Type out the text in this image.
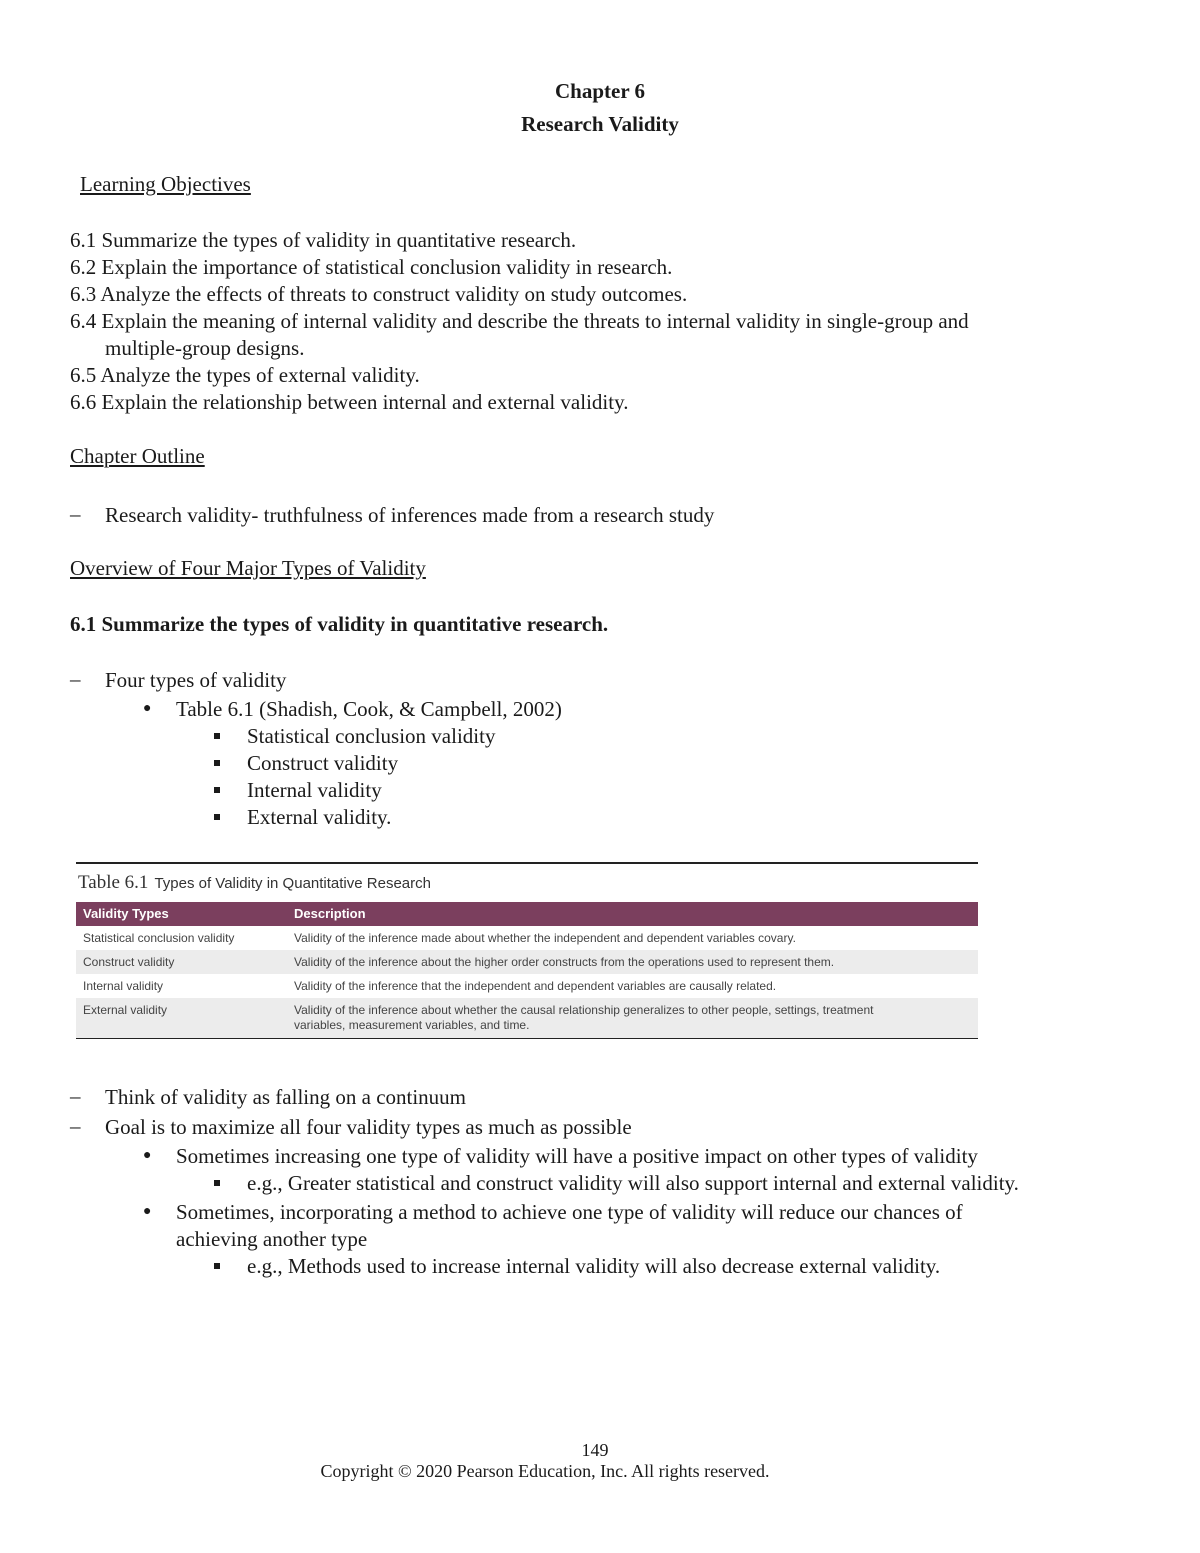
Chapter 6
Research Validity
Learning Objectives
6.1 Summarize the types of validity in quantitative research.
6.2 Explain the importance of statistical conclusion validity in research.
6.3 Analyze the effects of threats to construct validity on study outcomes.
6.4 Explain the meaning of internal validity and describe the threats to internal validity in single-group and
multiple-group designs.
6.5 Analyze the types of external validity.
6.6 Explain the relationship between internal and external validity.
Chapter Outline
– Research validity- truthfulness of inferences made from a research study
Overview of Four Major Types of Validity
6.1 Summarize the types of validity in quantitative research.
– Four types of validity
● Table 6.1 (Shadish, Cook, & Campbell, 2002)
Statistical conclusion validity
Construct validity
Internal validity
External validity.
Table 6.1 Types of Validity in Quantitative Research
Validity Types	Description
Statistical conclusion validity	Validity of the inference made about whether the independent and dependent variables covary.
Construct validity	Validity of the inference about the higher order constructs from the operations used to represent them.
Internal validity	Validity of the inference that the independent and dependent variables are causally related.
External validity	Validity of the inference about whether the causal relationship generalizes to other people, settings, treatment variables, measurement variables, and time.
– Think of validity as falling on a continuum
– Goal is to maximize all four validity types as much as possible
● Sometimes increasing one type of validity will have a positive impact on other types of validity
e.g., Greater statistical and construct validity will also support internal and external validity.
● Sometimes, incorporating a method to achieve one type of validity will reduce our chances of
achieving another type
e.g., Methods used to increase internal validity will also decrease external validity.
149
Copyright © 2020 Pearson Education, Inc. All rights reserved.
